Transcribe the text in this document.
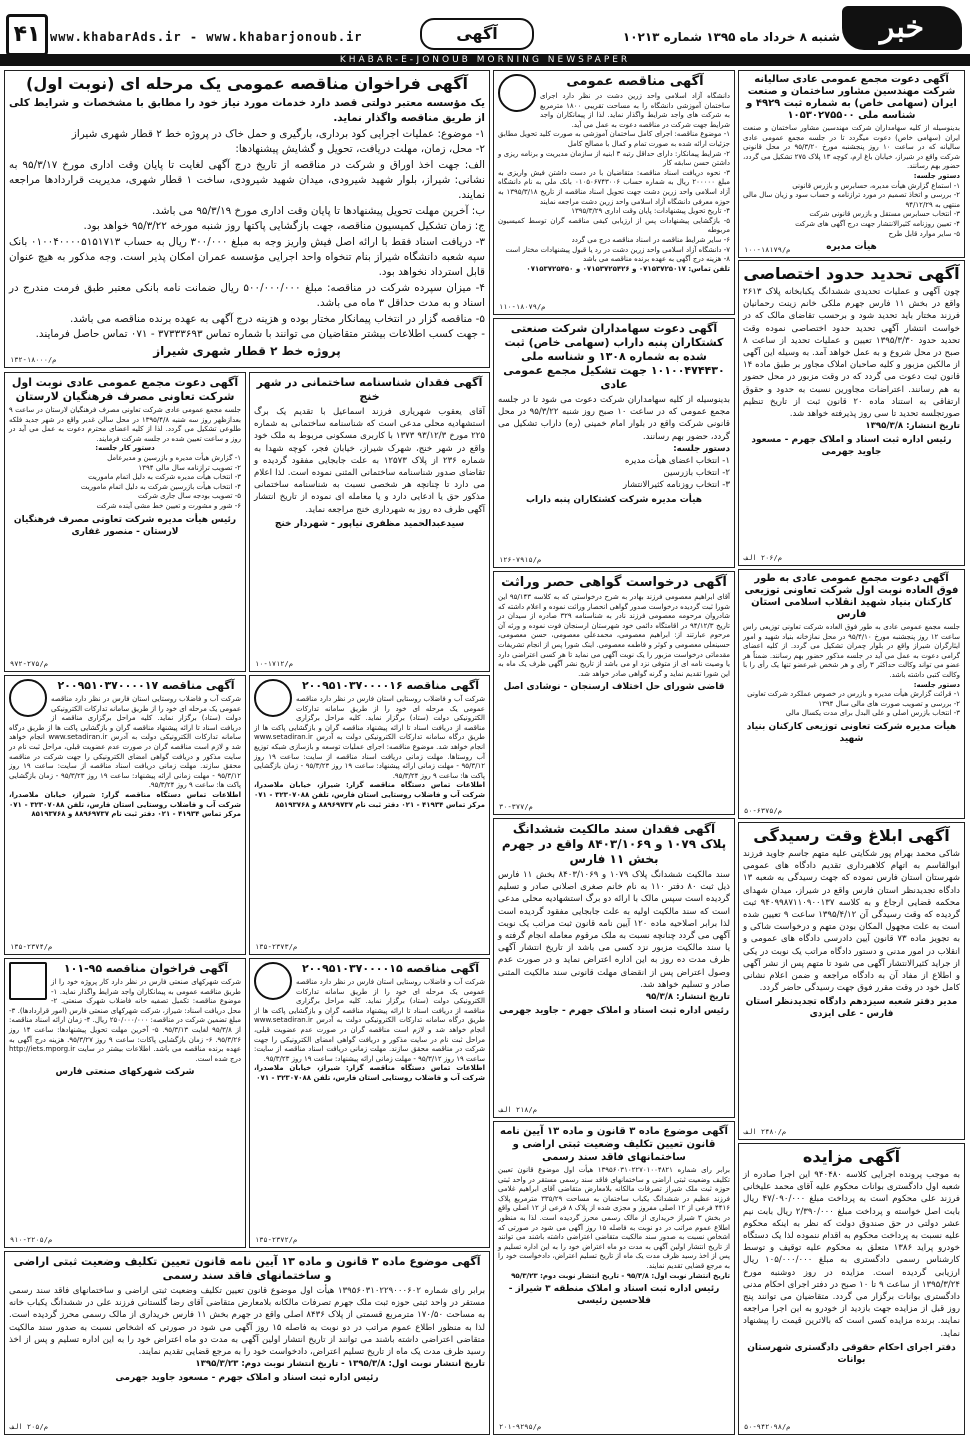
۴۱ www.khabarAds.ir - www.khabarjonoub.ir	آگهی	شنبه ۸ خرداد ماه ۱۳۹۵ شماره ۱۰۲۱۳	خبر
KHABAR-E-JONOUB MORNING NEWSPAPER
آگهی دعوت مجمع عمومی عادی سالیانه شرکت مهندسین مشاور ساختمان و صنعت ایران (سهامی خاص) به شماره ثبت ۴۹۲۹ و شناسه ملی ۱۰۵۳۰۲۷۵۵۰۰

بدینوسیله از کلیه سهامداران شرکت مهندسین مشاور ساختمان و صنعت ایران (سهامی خاص) دعوت میگردد تا در جلسه مجمع عمومی عادی سالیانه که در ساعت ۱۰ روز پنجشنبه مورخ ۹۵/۳/۲۰ در محل قانونی شرکت واقع در شیراز، خیابان باغ ارم، کوچه ۱۳ پلاک ۲۷۵ تشکیل می گردد، حضور بهم رسانند.

دستور جلسه:

۱- استماع گزارش هیأت مدیره، حسابرس و بازرس قانونی

۲- بررسی و اتخاذ تصمیم در مورد ترازنامه و حساب سود و زیان سال مالی منتهی به ۹۴/۱۲/۲۹

۳- انتخاب حسابرس مستقل و بازرس قانونی شرکت

۴- تعیین روزنامه کثیرالانتشار جهت درج آگهی های شرکت

۵- سایر موارد قابل طرح

هیأت مدیره
م/۱۸۱۷۹-۱۰۰
آگهی تحدید حدود اختصاصی

چون آگهی و عملیات تحدیدی ششدانگ یکبابخانه پلاک ۲۶۱۳ واقع در بخش ۱۱ فارس جهرم ملکی خانم زینت رحمانیان فرزند مختار باید تحدید شود و برحسب تقاضای مالک که در خواست انتشار آگهی تحدید حدود اختصاصی نموده وقت تحدید حدود ۱۳۹۵/۳/۳۰ تعیین و عملیات تحدید از ساعت ۸ صبح در محل شروع و به عمل خواهد آمد. به وسیله این آگهی از مالکین مزبور و کلیه صاحبان املاک مجاور بر طبق ماده ۱۴ قانون ثبت دعوت می گردد که در وقت مزبور در محل حضور به هم رسانند. اعتراضات مجاورین نسبت به حدود و حقوق ارتفاقی به استناد ماده ۲۰ قانون ثبت از تاریخ تنظیم صورتجلسه تحدید تا سی روز پذیرفته خواهد شد.

تاریخ انتشار: ۱۳۹۵/۳/۸

رئیس اداره ثبت اسناد و املاک جهرم - مسعود جاوید جهرمی
م/۲۰۶ الف
آگهی دعوت مجمع عمومی عادی به طور فوق العاده نوبت اول شرکت تعاونی توزیعی کارکنان بنیاد شهید انقلاب اسلامی استان فارس

جلسه مجمع عمومی عادی به طور فوق العاده شرکت تعاونی توزیعی راس ساعت ۱۲ روز پنجشنبه مورخ ۹۵/۴/۱۰ در محل نمازخانه بنیاد شهید و امور ایثارگران شیراز واقع در بلوار چمران تشکیل می گردد. از کلیه اعضای گرامی دعوت به عمل می آید در جلسه مذکور حضور بهم رسانند. ضمناً هر عضو می تواند وکالت حداکثر ۳ رأی و هر شخص غیرعضو تنها یک رأی را با وکالت کتبی داشته باشد.

دستور جلسه:

۱- قرائت گزارش هیأت مدیره و بازرس در خصوص عملکرد شرکت تعاونی

۲- بررسی و تصویب صورت های مالی سال ۱۳۹۴

۳- انتخاب بازرس اصلی و علی البدل برای مدت یکسال مالی

هیأت مدیره شرکت تعاونی توزیعی کارکنان بنیاد شهید
م/۶۳۷۵-۵۰
آگهی ابلاغ وقت رسیدگی

شاکی محمد بهرام پور شکایتی علیه متهم جاسم جاوید فرزند ابوالقاسم به اتهام کلاهبرداری تقدیم دادگاه های عمومی شهرستان استان فارس نموده که جهت رسیدگی به شعبه ۱۳ دادگاه تجدیدنظر استان فارس واقع در شیراز، میدان شهدای محکمه قضایی ارجاع و به کلاسه ۹۴۰۹۹۸۷۱۱۰۹۰۰۱۳۷ ثبت گردیده که وقت رسیدگی آن ۱۳۹۵/۴/۱۲ ساعت ۹ تعیین شده است به علت مجهول المکان بودن متهم و درخواست شاکی و به تجویز ماده ۷۳ قانون آیین دادرسی دادگاه های عمومی و انقلاب در امور مدنی و دستور دادگاه مراتب یک نوبت در یکی از جراید کثیرالانتشار آگهی می شود تا متهم پس از نشر آگهی و اطلاع از مفاد آن به دادگاه مراجعه و ضمن اعلام نشانی کامل خود در وقت مقرر فوق جهت رسیدگی حاضر گردد.

مدیر دفتر شعبه سیزدهم دادگاه تجدیدنظر استان فارس - علی ایزدی
م/۲۴۸۰ الف
آگهی مزایده

به موجب پرونده اجرایی کلاسه ۹۴۰۴۸۰ این اجرا صادره از شعبه اول دادگستری بوانات محکوم علیه آقای محمد علیخانی فرزند علی محکوم است به پرداخت مبلغ ۴۷/۰۹۰/۰۰۰ ریال بابت اصل خواسته و پرداخت مبلغ ۲/۳۹۰/۰۰۰ ریال بابت نیم عشر دولتی در حق صندوق دولت که نظر به اینکه محکوم علیه نسبت به پرداخت محکوم به اقدام ننموده لذا یک دستگاه خودرو پراید ۱۳۸۶ متعلق به محکوم علیه توقیف و توسط کارشناس رسمی دادگستری به مبلغ ۱۰۵/۰۰۰/۰۰۰ ریال ارزیابی گردیده است. مزایده در روز دوشنبه مورخ ۱۳۹۵/۳/۲۴ از ساعت ۹ تا ۱۰ صبح در دفتر اجرای احکام مدنی دادگستری بوانات برگزار می گردد. متقاضیان می توانند پنج روز قبل از مزایده جهت بازدید از خودرو به این اجرا مراجعه نمایند. برنده مزایده کسی است که بالاترین قیمت را پیشنهاد نماید.

دفتر اجرای احکام حقوقی دادگستری شهرستان بوانات
م/۹۴۲۰۹۸-۵۰
آگهی مناقصه عمومی

دانشگاه آزاد اسلامی واحد زرین دشت در نظر دارد اجرای ساختمان آموزشی دانشگاه را به مساحت تقریبی ۱۸۰۰ مترمربع به شرکت های واجد شرایط واگذار نماید. لذا از پیمانکاران واجد شرایط جهت شرکت در مناقصه دعوت به عمل می آید.

۱- موضوع مناقصه: اجرای کامل ساختمان آموزشی به صورت کلید تحویل مطابق جزئیات ارائه شده به صورت تمام و کمال با مصالح کامل

۲- شرایط پیمانکار: دارای حداقل رتبه ۳ ابنیه از سازمان مدیریت و برنامه ریزی و داشتن حسن سابقه کار

۳- نحوه دریافت اسناد مناقصه: متقاضیان با در دست داشتن فیش واریزی به مبلغ ۲۰۰۰۰۰ ریال به شماره حساب ۰۱۰۵۰۶۷۴۳۰۰۶ بانک ملی به نام دانشگاه آزاد اسلامی واحد زرین دشت جهت تحویل اسناد مناقصه از تاریخ ۱۳۹۵/۳/۱۸ به حوزه معرفی دانشگاه آزاد اسلامی واحد زرین دشت مراجعه نمایند

۴- تاریخ تحویل پیشنهادات: پایان وقت اداری ۱۳۹۵/۳/۲۹

۵- بازگشایی پیشنهادات پس از ارزیابی کیفی مناقصه گران توسط کمیسیون مربوطه

۶- سایر شرایط مناقصه در اسناد مناقصه درج می گردد

۷- دانشگاه آزاد اسلامی واحد زرین دشت در رد یا قبول پیشنهادات مختار است

۸- هزینه درج آگهی به عهده برنده مناقصه می باشد

تلفن تماس: ۰۷۱۵۳۷۲۵۰۱۷ و ۰۷۱۵۳۷۲۵۴۲۶ و ۰۷۱۵۳۷۲۵۴۵۰

م/۱۸۰۷۹-۱۱۰
آگهی دعوت سهامداران شرکت صنعتی کشتکاران پنبه داراب (سهامی خاص) ثبت شده به شماره ۱۳۰۸ و شناسه ملی ۱۰۱۰۰۴۷۴۴۳۰ جهت تشکیل مجمع عمومی عادی

بدینوسیله از کلیه سهامداران شرکت دعوت می شود تا در جلسه مجمع عمومی که در ساعت ۱۰ صبح روز شنبه ۹۵/۳/۲۲ در محل قانونی شرکت واقع در بلوار امام خمینی (ره) داراب تشکیل می گردد، حضور بهم رسانند.

دستور جلسه:

۱- انتخاب اعضای هیأت مدیره

۲- انتخاب بازرسین

۳- انتخاب روزنامه کثیرالانتشار

هیأت مدیره شرکت کشتکاران پنبه داراب
م/۷۹۱۵-۱۲۶
آگهی درخواست گواهی حصر وراثت

آقای ابراهیم معصومی فرزند بهادر به شرح درخواستی که به کلاسه ۹۵/۱۴۳ این شورا ثبت گردیده درخواست صدور گواهی انحصار وراثت نموده و اعلام داشته که شادروان مرحومه معصومی فرزند نادر به شناسنامه ۳۲۹ صادره از سیدان در تاریخ ۹۴/۱۲/۳ در اقامتگاه دائمی خود شهرستان ارسنجان فوت نموده و ورثه آن مرحوم عبارتند از: ابراهیم معصومی، محمدعلی معصومی، حسن معصومی، حسینعلی معصومی و کوثر و فاطمه معصومی. اینک شورا پس از انجام تشریفات مقدماتی درخواست مزبور را یک نوبت آگهی می نماید تا هر کسی اعتراضی دارد یا وصیت نامه ای از متوفی نزد او می باشد از تاریخ نشر آگهی ظرف یک ماه به این شورا تقدیم نماید و گرنه گواهی صادر خواهد شد.

قاضی شورای حل اختلاف ارسنجان - نوشادی اصل
م/۳۷۷-۳۰
آگهی فقدان سند مالکیت ششدانگ پلاک ۱۰۷۹ و ۸۴۰۳/۱۰۶۹ واقع در جهرم بخش ۱۱ فارس

سند مالکیت ششدانگ پلاک ۱۰۷۹ و ۸۴۰۳/۱۰۶۹ بخش ۱۱ فارس ذیل ثبت ۸۰ دفتر ۱۱۰ به نام خانم صغری اصلانی صادر و تسلیم گردیده است سپس مالک با ارائه دو برگ استشهادیه محلی مدعی است که سند مالکیت اولیه به علت جابجایی مفقود گردیده است لذا برابر اصلاحیه ماده ۱۲۰ آیین نامه قانون ثبت مراتب یک نوبت آگهی می گردد چنانچه نسبت به ملک مرقوم معامله انجام گرفته و یا سند مالکیت مزبور نزد کسی می باشد از تاریخ انتشار آگهی ظرف مدت ده روز به این اداره اعتراض نماید و در صورت عدم وصول اعتراض پس از انقضای مهلت قانونی سند مالکیت المثنی صادر و تسلیم خواهد شد.

تاریخ انتشار: ۹۵/۳/۸

رئیس اداره ثبت اسناد و املاک جهرم - جاوید جهرمی
م/۲۱۸ الف
آگهی موضوع ماده ۳ قانون و ماده ۱۳ آیین نامه قانون تعیین تکلیف وضعیت ثبتی اراضی و ساختمانهای فاقد سند رسمی

برابر رای شماره ۱۳۹۵۶۰۳۱۰۲۲۷۰۱۰۰۴۸۲۱ هیأت اول موضوع قانون تعیین تکلیف وضعیت ثبتی اراضی و ساختمانهای فاقد سند رسمی مستقر در واحد ثبتی حوزه ثبت ملک شیراز تصرفات مالکانه بلامعارض متقاضی آقای ابراهیم غلامی فرزند عظیم در ششدانگ یکباب ساختمان به مساحت ۳۳۵/۲۹ مترمربع پلاک ۴۴۱۶ فرعی از ۱۲ اصلی مفروز و مجزی شده از پلاک ۸ فرعی از ۱۲ اصلی واقع در بخش ۳ شیراز خریداری از مالک رسمی محرز گردیده است. لذا به منظور اطلاع عموم مراتب در دو نوبت به فاصله ۱۵ روز آگهی می شود در صورتی که اشخاص نسبت به صدور سند مالکیت متقاضی اعتراضی داشته باشند می توانند از تاریخ انتشار اولین آگهی به مدت دو ماه اعتراض خود را به این اداره تسلیم و پس از اخذ رسید ظرف مدت یک ماه از تاریخ تسلیم اعتراض، دادخواست خود را به مرجع قضایی تقدیم نمایند.

تاریخ انتشار نوبت اول: ۹۵/۳/۸ - تاریخ انتشار نوبت دوم: ۹۵/۳/۲۳

رئیس اداره ثبت اسناد و املاک منطقه ۳ شیراز - فلاحسین رئیسی
م/۹۲۹۵-۲۰۱
آگهی فراخوان مناقصه عمومی یک مرحله ای (نوبت اول)

یک مؤسسه معتبر دولتی قصد دارد خدمات مورد نیاز خود را مطابق با مشخصات و شرایط کلی از طریق مناقصه واگذار نماید.

۱- موضوع: عملیات اجرایی کود برداری، بارگیری و حمل خاک در پروژه خط ۲ قطار شهری شیراز

۲- محل، زمان، مهلت دریافت، تحویل و گشایش پیشنهادها:

الف: جهت اخذ اوراق و شرکت در مناقصه از تاریخ درج آگهی لغایت تا پایان وقت اداری مورخ ۹۵/۳/۱۷ به نشانی: شیراز، بلوار شهید شیرودی، میدان شهید شیرودی، ساخت ۱ قطار شهری، مدیریت قراردادها مراجعه نمایند.

ب: آخرین مهلت تحویل پیشنهادها تا پایان وقت اداری مورخ ۹۵/۳/۱۹ می باشد.

ج: زمان تشکیل کمیسیون مناقصه، جهت بازگشایی پاکتها روز شنبه مورخه ۹۵/۳/۲۲ خواهد بود.

۳- دریافت اسناد فقط با ارائه اصل فیش واریز وجه به مبلغ ۳۰۰/۰۰۰ ریال به حساب ۰۱۰۰۴۰۰۰۰۵۱۵۱۷۱۳ بانک سپه شعبه دانشگاه شیراز بنام تنخواه واحد اجرایی مؤسسه عمران امکان پذیر است. وجه مذکور به هیچ عنوان قابل استرداد نخواهد بود.

۴- میزان سپرده شرکت در مناقصه: مبلغ ۵۰۰/۰۰۰/۰۰۰ ریال ضمانت نامه بانکی معتبر طبق فرمت مندرج در اسناد و به مدت حداقل ۳ ماه می باشد.

۵- مناقصه گزار در انتخاب پیمانکار مختار بوده و هزینه درج آگهی به عهده برنده مناقصه می باشد.

- جهت کسب اطلاعات بیشتر متقاضیان می توانند با شماره تماس ۳۷۳۳۳۶۹۳ - ۰۷۱ تماس حاصل فرمایند.

پروژه خط ۲ قطار شهری شیراز
م/۱۸۰۰۰-۱۳۲
آگهی دعوت مجمع عمومی عادی نوبت اول شرکت تعاونی مصرف فرهنگیان لارستان

جلسه مجمع عمومی عادی شرکت تعاونی مصرف فرهنگیان لارستان در ساعت ۹ بعدازظهر روز سه شنبه ۱۳۹۵/۴/۸ در محل سالن غدیر واقع در شهر جدید فلکه طلوعی تشکیل می گردد. لذا از کلیه اعضای محترم دعوت به عمل می آید در روز و ساعت تعیین شده در جلسه شرکت فرمایند.

دستور کار جلسه:

۱- گزارش هیأت مدیره و بازرسین و مدیرعامل

۲- تصویب ترازنامه سال مالی ۱۳۹۴

۳- انتخاب هیأت مدیره شرکت به دلیل اتمام ماموریت

۴- انتخاب هیأت بازرسین شرکت به دلیل اتمام ماموریت

۵- تصویب بودجه سال جاری شرکت

۶- شور و مشورت و تعیین خط مشی آینده شرکت

رئیس هیأت مدیره شرکت تعاونی مصرف فرهنگیان لارستان - منصور غفاری
م/۲۷۵-۹۷۲
آگهی فقدان شناسنامه ساختمانی در شهر خنج

آقای یعقوب شهریاری فرزند اسماعیل با تقدیم یک برگ استشهادیه محلی مدعی است که شناسنامه ساختمانی به شماره ۲۲۵ مورخ ۹۳/۱۲/۳ ۱۳۷۳ با کاربری مسکونی مربوط به ملک خود واقع در شهر خنج، شهرک شیراز، خیابان فجر، کوچه شهدا به شماره ۲۳۶ از پلاک ۱۲۵۷۳ به علت جابجایی مفقود گردیده و تقاضای صدور شناسنامه ساختمانی المثنی نموده است. لذا اعلام می دارد تا چنانچه هر شخصی نسبت به شناسنامه ساختمانی مذکور حق یا ادعایی دارد و یا معامله ای نموده از تاریخ انتشار آگهی ظرف ده روز به شهرداری خنج مراجعه نماید.

سیدعبدالحمید مظفری نیاپور - شهردار خنج
م/۱۷۱۲-۱۰
آگهی مناقصه ۲۰۰۹۵۱۰۳۷۰۰۰۰۱۷

شرکت آب و فاضلاب روستایی استان فارس در نظر دارد مناقصه عمومی یک مرحله ای خود را از طریق سامانه تدارکات الکترونیکی دولت (ستاد) برگزار نماید. کلیه مراحل برگزاری مناقصه از دریافت اسناد تا ارائه پیشنهاد مناقصه گران و بازگشایی پاکت ها از طریق درگاه سامانه تدارکات الکترونیکی دولت به آدرس www.setadiran.ir انجام خواهد شد و لازم است مناقصه گران در صورت عدم عضویت قبلی، مراحل ثبت نام در سایت مذکور و دریافت گواهی امضای الکترونیکی را جهت شرکت در مناقصه محقق سازند. مهلت زمانی دریافت اسناد مناقصه از سایت: ساعت ۱۹ روز ۹۵/۳/۱۲ - مهلت زمانی ارائه پیشنهاد: ساعت ۱۹ روز ۹۵/۳/۲۳ - زمان بازگشایی پاکت ها: ساعت ۹ روز ۹۵/۳/۲۴.

اطلاعات تماس دستگاه مناقصه گزار: شیراز، خیابان ملاصدرا، شرکت آب و فاضلاب روستایی استان فارس، تلفن ۳۲۳۰۷۰۸۸ - ۰۷۱ مرکز تماس ۴۱۹۳۴ - ۰۲۱ دفتر ثبت نام ۸۸۹۶۹۷۳۷ و ۸۵۱۹۳۷۶۸

م/۲۳۷۴-۱۳۵
آگهی مناقصه ۲۰۰۹۵۱۰۳۷۰۰۰۰۱۶

شرکت آب و فاضلاب روستایی استان فارس در نظر دارد مناقصه عمومی یک مرحله ای خود را از طریق سامانه تدارکات الکترونیکی دولت (ستاد) برگزار نماید. کلیه مراحل برگزاری مناقصه از دریافت اسناد تا ارائه پیشنهاد مناقصه گران و بازگشایی پاکت ها از طریق درگاه سامانه تدارکات الکترونیکی دولت به آدرس www.setadiran.ir انجام خواهد شد. موضوع مناقصه: اجرای عملیات توسعه و بازسازی شبکه توزیع آب روستاها. مهلت زمانی دریافت اسناد مناقصه از سایت: ساعت ۱۹ روز ۹۵/۳/۱۲ - مهلت زمانی ارائه پیشنهاد: ساعت ۱۹ روز ۹۵/۳/۲۳ - زمان بازگشایی پاکت ها: ساعت ۹ روز ۹۵/۳/۲۴.

اطلاعات تماس دستگاه مناقصه گزار: شیراز، خیابان ملاصدرا، شرکت آب و فاضلاب روستایی استان فارس، تلفن ۳۲۳۰۷۰۸۸ - ۰۷۱ مرکز تماس ۴۱۹۳۴ - ۰۲۱ دفتر ثبت نام ۸۸۹۶۹۷۳۷ و ۸۵۱۹۳۷۶۸

م/۲۳۷۳-۱۳۵
آگهی فراخوان مناقصه ۹۵-۱۰۱

شرکت شهرکهای صنعتی فارس در نظر دارد کار پروژه خود را از طریق مناقصه عمومی به پیمانکاران واجد شرایط واگذار نماید. ۱- موضوع مناقصه: تکمیل تصفیه خانه فاضلاب شهرک صنعتی. ۲- محل دریافت اسناد: شیراز، شرکت شهرکهای صنعتی فارس (امور قراردادها). ۳- مبلغ تضمین شرکت در مناقصه: ۲۵۰/۰۰۰/۰۰۰ ریال. ۴- زمان ارائه اسناد مناقصه: از ۹۵/۳/۸ لغایت ۹۵/۳/۱۳. ۵- آخرین مهلت تحویل پیشنهادها: ساعت ۱۴ روز ۹۵/۳/۲۶. ۶- زمان بازگشایی پاکات: ساعت ۹ روز ۹۵/۳/۲۷. هزینه درج آگهی به عهده برنده مناقصه می باشد. اطلاعات بیشتر در سایت http://iets.mporg.ir درج شده است.

شرکت شهرکهای صنعتی فارس
م/۲۲۰۵-۹۱۰
آگهی مناقصه ۲۰۰۹۵۱۰۳۷۰۰۰۰۱۵

شرکت آب و فاضلاب روستایی استان فارس در نظر دارد مناقصه عمومی یک مرحله ای خود را از طریق سامانه تدارکات الکترونیکی دولت (ستاد) برگزار نماید. کلیه مراحل برگزاری مناقصه از دریافت اسناد تا ارائه پیشنهاد مناقصه گران و بازگشایی پاکت ها از طریق درگاه سامانه تدارکات الکترونیکی دولت به آدرس www.setadiran.ir انجام خواهد شد و لازم است مناقصه گران در صورت عدم عضویت قبلی، مراحل ثبت نام در سایت مذکور و دریافت گواهی امضای الکترونیکی را جهت شرکت در مناقصه محقق سازند. مهلت زمانی دریافت اسناد مناقصه از سایت: ساعت ۱۹ روز ۹۵/۳/۱۲ - مهلت زمانی ارائه پیشنهاد: ساعت ۱۹ روز ۹۵/۳/۲۳.

اطلاعات تماس دستگاه مناقصه گزار: شیراز، خیابان ملاصدرا، شرکت آب و فاضلاب روستایی استان فارس، تلفن ۳۲۳۰۷۰۸۸ - ۰۷۱

م/۲۳۷۲-۱۳۵
آگهی موضوع ماده ۳ قانون و ماده ۱۳ آیین نامه قانون تعیین تکلیف وضعیت ثبتی اراضی و ساختمانهای فاقد سند رسمی

برابر رای شماره ۱۳۹۵۶۰۳۱۰۲۲۹۰۰۰۶۰۲ هیأت اول موضوع قانون تعیین تکلیف وضعیت ثبتی اراضی و ساختمانهای فاقد سند رسمی مستقر در واحد ثبتی حوزه ثبت ملک جهرم تصرفات مالکانه بلامعارض متقاضی آقای رضا گلستانی فرزند علی در ششدانگ یکباب خانه به مساحت ۱۷۰/۵۰ مترمربع قسمتی از پلاک ۸۴۳۶ اصلی واقع در جهرم بخش ۱۱ فارس خریداری از مالک رسمی محرز گردیده است. لذا به منظور اطلاع عموم مراتب در دو نوبت به فاصله ۱۵ روز آگهی می شود در صورتی که اشخاص نسبت به صدور سند مالکیت متقاضی اعتراضی داشته باشند می توانند از تاریخ انتشار اولین آگهی به مدت دو ماه اعتراض خود را به این اداره تسلیم و پس از اخذ رسید ظرف مدت یک ماه از تاریخ تسلیم اعتراض، دادخواست خود را به مرجع قضایی تقدیم نمایند.

تاریخ انتشار نوبت اول: ۱۳۹۵/۳/۸ - تاریخ انتشار نوبت دوم: ۱۳۹۵/۳/۲۳

رئیس اداره ثبت اسناد و املاک جهرم - مسعود جاوید جهرمی
م/۲۰۵ الف
